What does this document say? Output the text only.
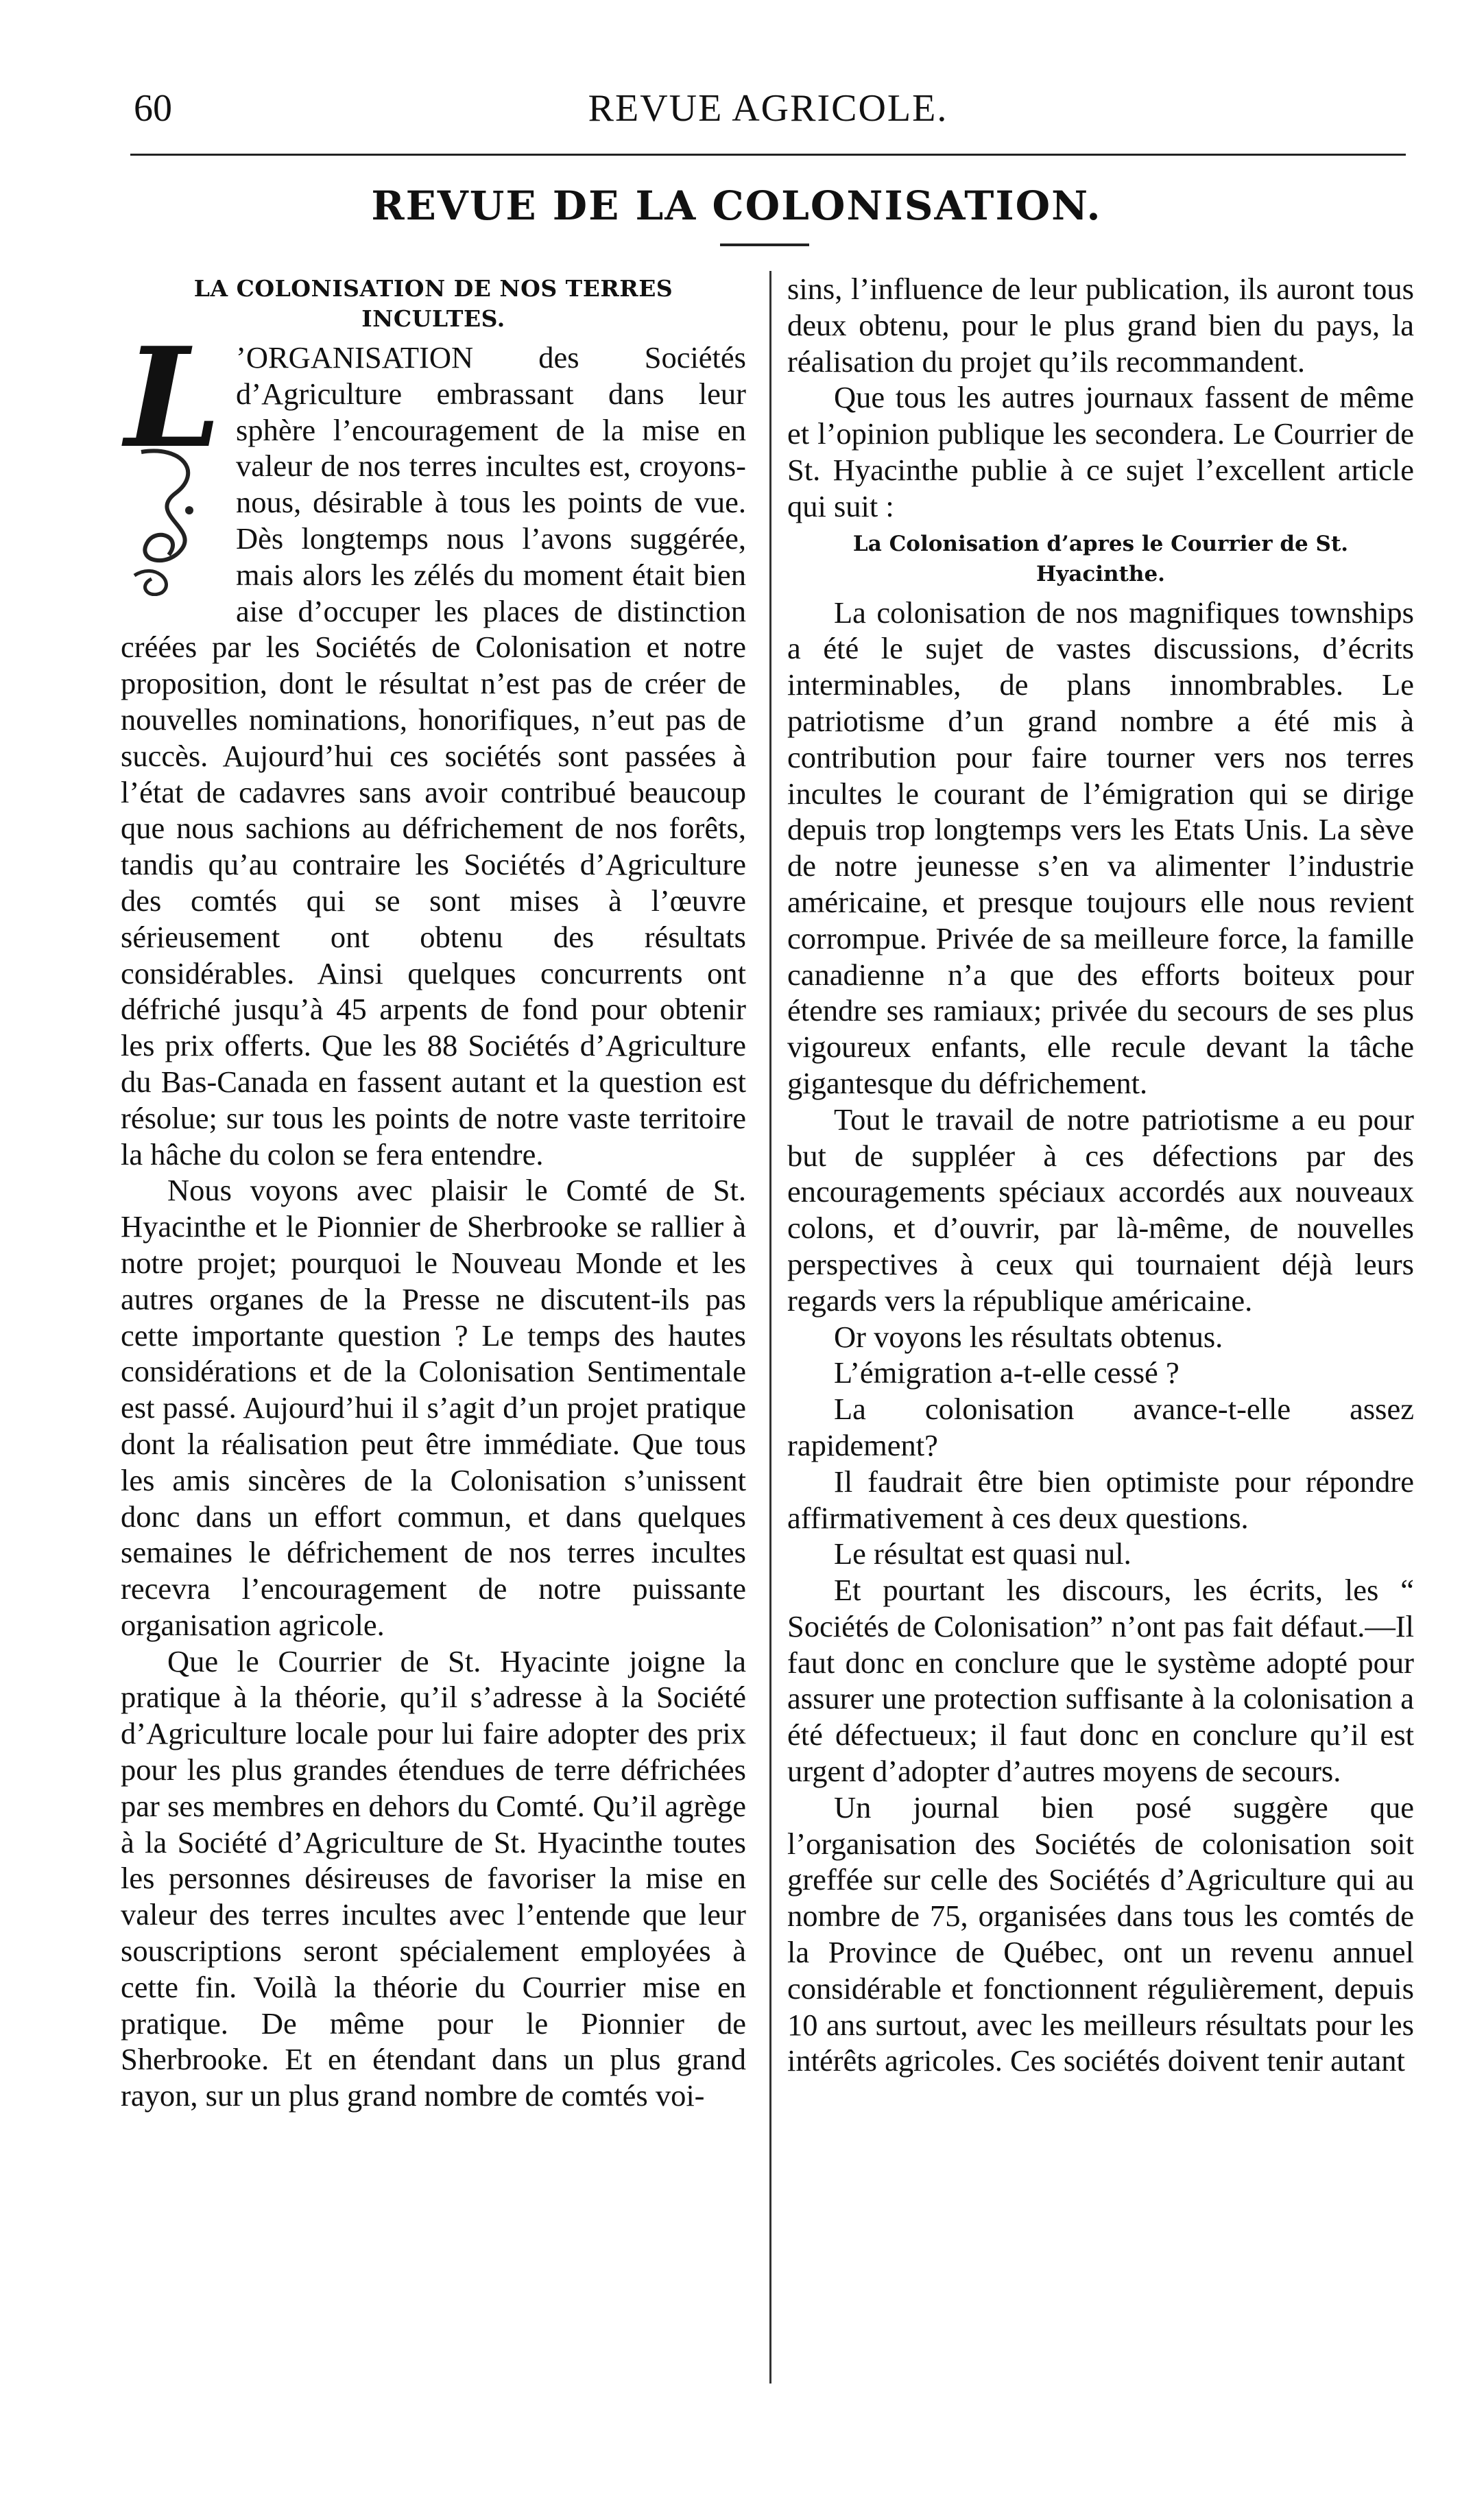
60	REVUE AGRICOLE.
REVUE DE LA COLONISATION.
LA COLONISATION DE NOS TERRES INCULTES.
L ’ORGANISATION des Sociétés d’Agriculture embrassant dans leur sphère l’encouragement de la mise en valeur de nos terres incultes est, croyons-nous, désirable à tous les points de vue. Dès longtemps nous l’avons suggérée, mais alors les zélés du moment était bien aise d’occuper les places de distinction créées par les Sociétés de Colonisation et notre proposition, dont le résultat n’est pas de créer de nouvelles nominations, honorifiques, n’eut pas de succès. Aujourd’hui ces sociétés sont passées à l’état de cadavres sans avoir contribué beaucoup que nous sachions au défrichement de nos forêts, tandis qu’au contraire les Sociétés d’Agriculture des comtés qui se sont mises à l’œuvre sérieusement ont obtenu des résultats considérables. Ainsi quelques concurrents ont défriché jusqu’à 45 arpents de fond pour obtenir les prix offerts. Que les 88 Sociétés d’Agriculture du Bas-Canada en fassent autant et la question est résolue; sur tous les points de notre vaste territoire la hâche du colon se fera entendre.

Nous voyons avec plaisir le Comté de St. Hyacinthe et le Pionnier de Sherbrooke se rallier à notre projet; pourquoi le Nouveau Monde et les autres organes de la Presse ne discutent-ils pas cette importante question ? Le temps des hautes considérations et de la Colonisation Sentimentale est passé. Aujourd’hui il s’agit d’un projet pratique dont la réalisation peut être immédiate. Que tous les amis sincères de la Colonisation s’unissent donc dans un effort commun, et dans quelques semaines le défrichement de nos terres incultes recevra l’encouragement de notre puissante organisation agricole.

Que le Courrier de St. Hyacinte joigne la pratique à la théorie, qu’il s’adresse à la Société d’Agriculture locale pour lui faire adopter des prix pour les plus grandes étendues de terre défrichées par ses membres en dehors du Comté. Qu’il agrège à la Société d’Agriculture de St. Hyacinthe toutes les personnes désireuses de favoriser la mise en valeur des terres incultes avec l’entende que leur souscriptions seront spécialement employées à cette fin. Voilà la théorie du Courrier mise en pratique. De même pour le Pionnier de Sherbrooke. Et en étendant dans un plus grand rayon, sur un plus grand nombre de comtés voi-

sins, l’influence de leur publication, ils auront tous deux obtenu, pour le plus grand bien du pays, la réalisation du projet qu’ils recommandent.

Que tous les autres journaux fassent de même et l’opinion publique les secondera. Le Courrier de St. Hyacinthe publie à ce sujet l’excellent article qui suit :

La Colonisation d’apres le Courrier de St. Hyacinthe.

La colonisation de nos magnifiques townships a été le sujet de vastes discussions, d’écrits interminables, de plans innombrables. Le patriotisme d’un grand nombre a été mis à contribution pour faire tourner vers nos terres incultes le courant de l’émigration qui se dirige depuis trop longtemps vers les Etats Unis. La sève de notre jeunesse s’en va alimenter l’industrie américaine, et presque toujours elle nous revient corrompue. Privée de sa meilleure force, la famille canadienne n’a que des efforts boiteux pour étendre ses ramiaux; privée du secours de ses plus vigoureux enfants, elle recule devant la tâche gigantesque du défrichement.

Tout le travail de notre patriotisme a eu pour but de suppléer à ces défections par des encouragements spéciaux accordés aux nouveaux colons, et d’ouvrir, par là-même, de nouvelles perspectives à ceux qui tournaient déjà leurs regards vers la république américaine.

Or voyons les résultats obtenus.

L’émigration a-t-elle cessé ?

La colonisation avance-t-elle assez rapidement?

Il faudrait être bien optimiste pour répondre affirmativement à ces deux questions.

Le résultat est quasi nul.

Et pourtant les discours, les écrits, les “ Sociétés de Colonisation” n’ont pas fait défaut.—Il faut donc en conclure que le système adopté pour assurer une protection suffisante à la colonisation a été défectueux; il faut donc en conclure qu’il est urgent d’adopter d’autres moyens de secours.

Un journal bien posé suggère que l’organisation des Sociétés de colonisation soit greffée sur celle des Sociétés d’Agriculture qui au nombre de 75, organisées dans tous les comtés de la Province de Québec, ont un revenu annuel considérable et fonctionnent régulièrement, depuis 10 ans surtout, avec les meilleurs résultats pour les intérêts agricoles. Ces sociétés doivent tenir autant
